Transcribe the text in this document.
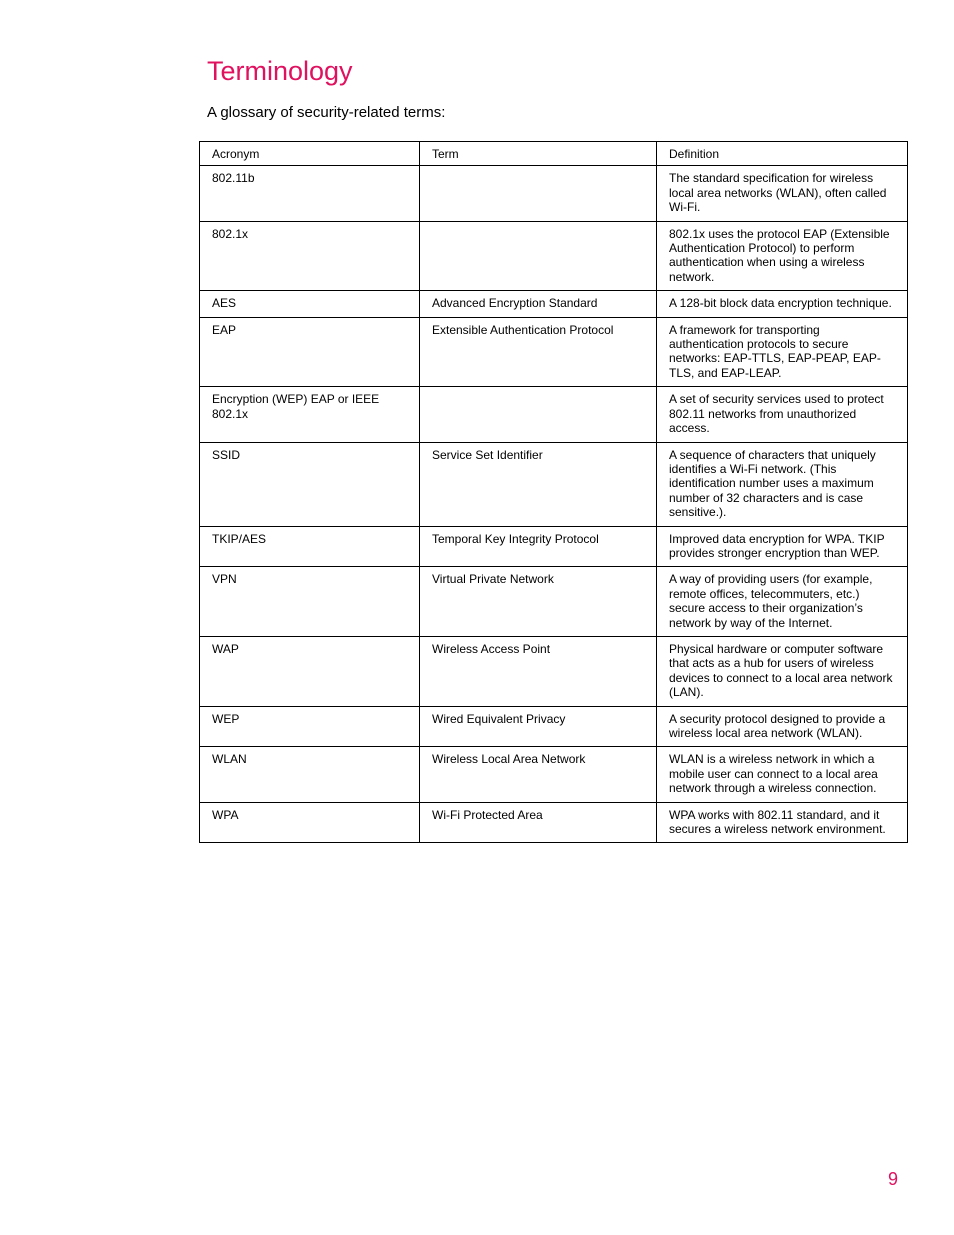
Terminology

A glossary of security-related terms:

Acronym	Term	Definition
802.11b		The standard specification for wireless local area networks (WLAN), often called Wi-Fi.
802.1x		802.1x uses the protocol EAP (Extensible Authentication Protocol) to perform authentication when using a wireless network.
AES	Advanced Encryption Standard	A 128-bit block data encryption technique.
EAP	Extensible Authentication Protocol	A framework for transporting authentication protocols to secure networks: EAP-TTLS, EAP-PEAP, EAP-TLS, and EAP-LEAP.
Encryption (WEP) EAP or IEEE 802.1x		A set of security services used to protect 802.11 networks from unauthorized access.
SSID	Service Set Identifier	A sequence of characters that uniquely identifies a Wi-Fi network. (This identification number uses a maximum number of 32 characters and is case sensitive.).
TKIP/AES	Temporal Key Integrity Protocol	Improved data encryption for WPA. TKIP provides stronger encryption than WEP.
VPN	Virtual Private Network	A way of providing users (for example, remote offices, telecommuters, etc.) secure access to their organization’s network by way of the Internet.
WAP	Wireless Access Point	Physical hardware or computer software that acts as a hub for users of wireless devices to connect to a local area network (LAN).
WEP	Wired Equivalent Privacy	A security protocol designed to provide a wireless local area network (WLAN).
WLAN	Wireless Local Area Network	WLAN is a wireless network in which a mobile user can connect to a local area network through a wireless connection.
WPA	Wi-Fi Protected Area	WPA works with 802.11 standard, and it secures a wireless network environment.
9
